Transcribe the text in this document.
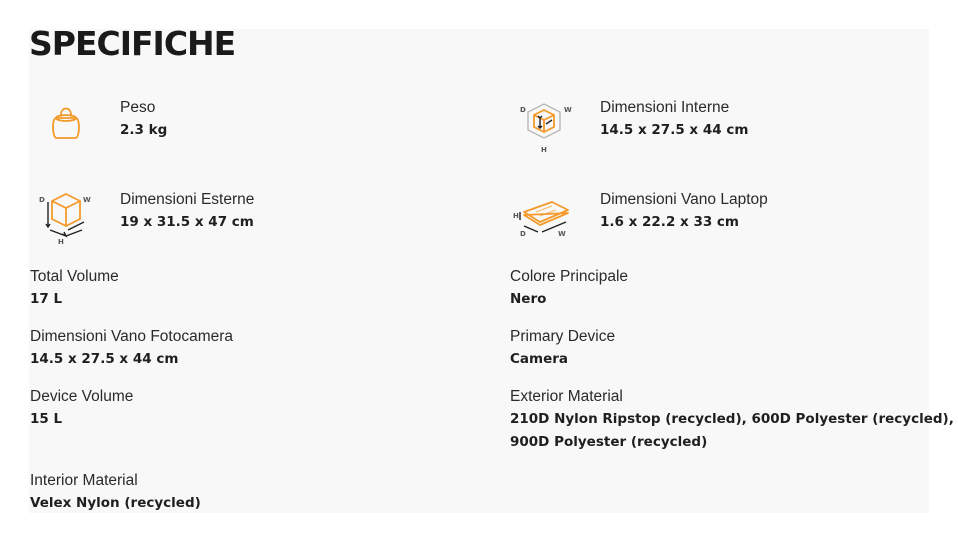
SPECIFICHE
D	W
H
D	W
H
H
D	W
Peso
2.3 kg
Dimensioni Interne
14.5 x 27.5 x 44 cm
Dimensioni Esterne
19 x 31.5 x 47 cm
Dimensioni Vano Laptop
1.6 x 22.2 x 33 cm
Total Volume
17 L
Colore Principale
Nero
Dimensioni Vano Fotocamera
14.5 x 27.5 x 44 cm
Primary Device
Camera
Device Volume
15 L
Exterior Material
210D Nylon Ripstop (recycled), 600D Polyester (recycled),
900D Polyester (recycled)
Interior Material
Velex Nylon (recycled)
